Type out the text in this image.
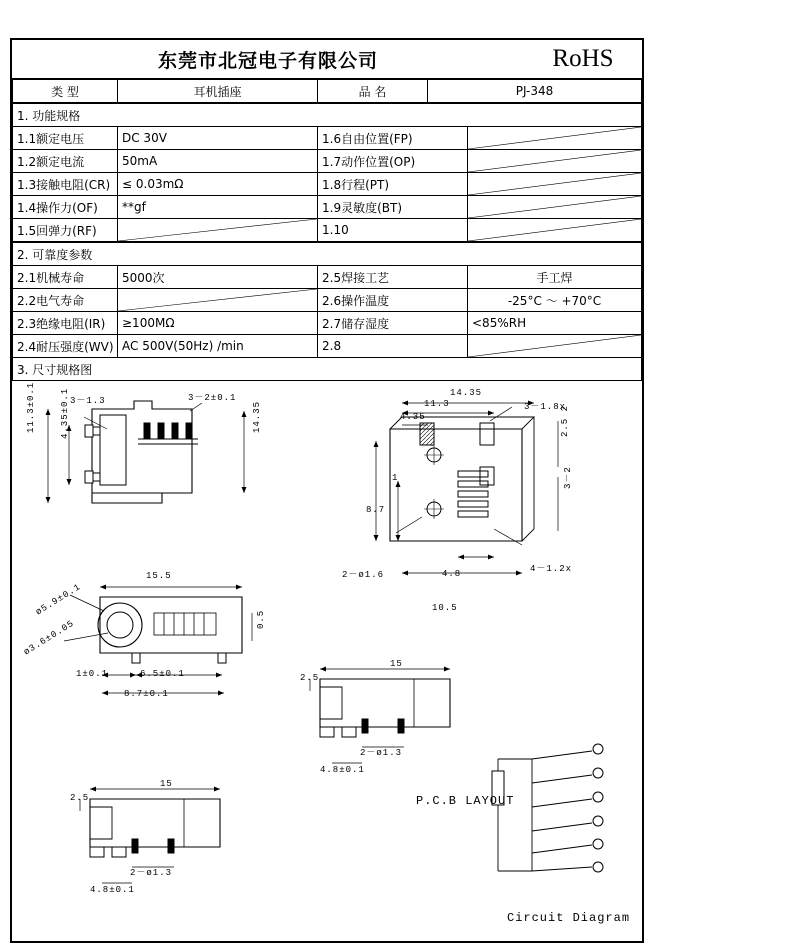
东莞市北冠电子有限公司	RoHS
类 型	耳机插座	品 名	PJ-348
1. 功能规格			
1.1额定电压	DC 30V	1.6自由位置(FP)	

1.2额定电流	50mA	1.7动作位置(OP)	

1.3接触电阻(CR)	≤ 0.03mΩ	1.8行程(PT)	

1.4操作力(OF)	**gf	1.9灵敏度(BT)	

1.5回弹力(RF)		1.10	
2. 可靠度参数			
2.1机械寿命	5000次	2.5焊接工艺	手工焊
2.2电气寿命		2.6操作温度	-25°C ～ +70°C
2.3绝缘电阻(IR)	≥100MΩ	2.7储存湿度	<85%RH
2.4耐压强度(WV)	AC 500V(50Hz) /min	2.8	

3. 尺寸规格图			
P.C.B LAYOUT
Circuit Diagram
3－1.3	3－2±0.1
11.3±0.1	4.35±0.1	14.35
14.35
11.3
4.35
3－1.8x
2.5 2
3－2
1
8.7
2－ø1.6	4.8
10.5
4－1.2x
15.5
ø5.9±0.1
ø3.6±0.05	0.5
1±0.1	6.5±0.1
8.7±0.1
15
2.5
2－ø1.3
4.8±0.1
15
2.5
2－ø1.3
4.8±0.1
